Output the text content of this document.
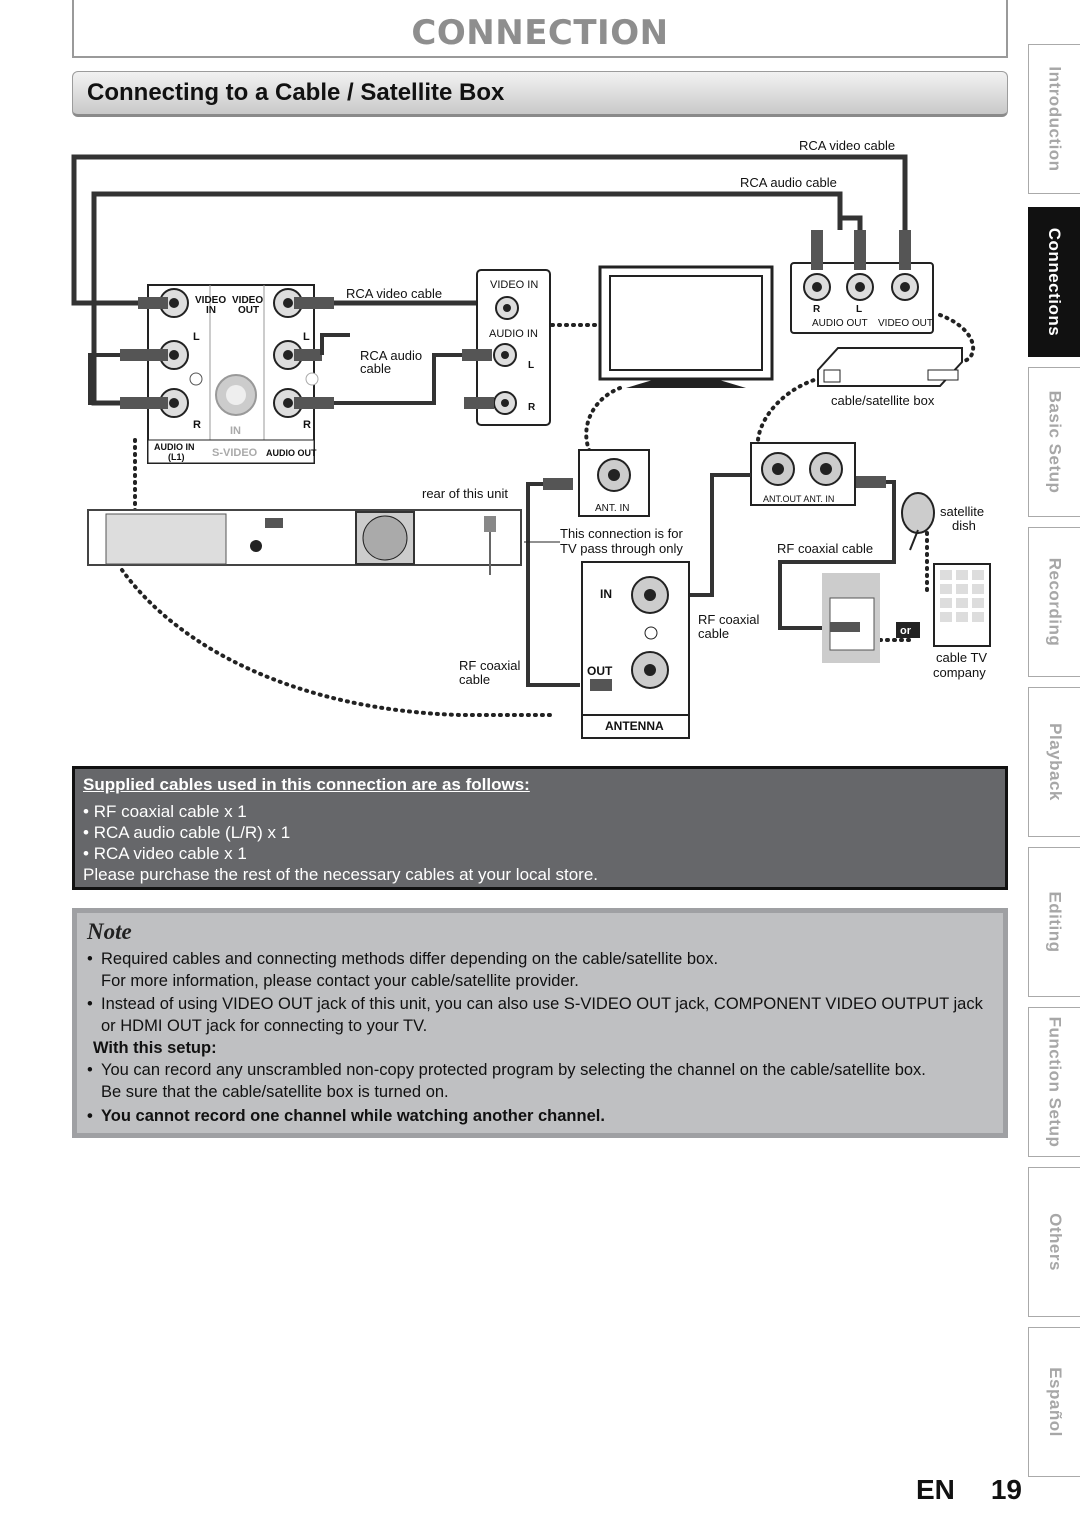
CONNECTION
Connecting to a Cable / Satellite Box	Introduction
Connections
Basic Setup
Recording
Playback
Editing
Function Setup
Others
Español
VIDEO
IN
VIDEO
OUT
L	L
R	R
IN
AUDIO IN
(L1)	S-VIDEO AUDIO OUT
VIDEO IN
AUDIO IN
L
R
R	L
AUDIO OUT VIDEO OUT
cable/satellite box
rear of this unit
ANT. IN
ANT.OUT ANT. IN
IN
OUT
ANTENNA
or
cable TV
company
satellite
dish
RCA video cable
RCA audio cable
RCA video cable
RCA audio
cable
This connection is for
TV pass through only	RF coaxial cable
RF coaxial
cable
RF coaxial
cable
Supplied cables used in this connection are as follows:
• RF coaxial cable x 1
• RCA audio cable (L/R) x 1
• RCA video cable x 1
Please purchase the rest of the necessary cables at your local store.
Note
• Required cables and connecting methods differ depending on the cable/satellite box.
For more information, please contact your cable/satellite provider.
• Instead of using VIDEO OUT jack of this unit, you can also use S-VIDEO OUT jack, COMPONENT VIDEO OUTPUT jack
or HDMI OUT jack for connecting to your TV.
With this setup:
• You can record any unscrambled non-copy protected program by selecting the channel on the cable/satellite box.
Be sure that the cable/satellite box is turned on.
• You cannot record one channel while watching another channel.
EN 19
